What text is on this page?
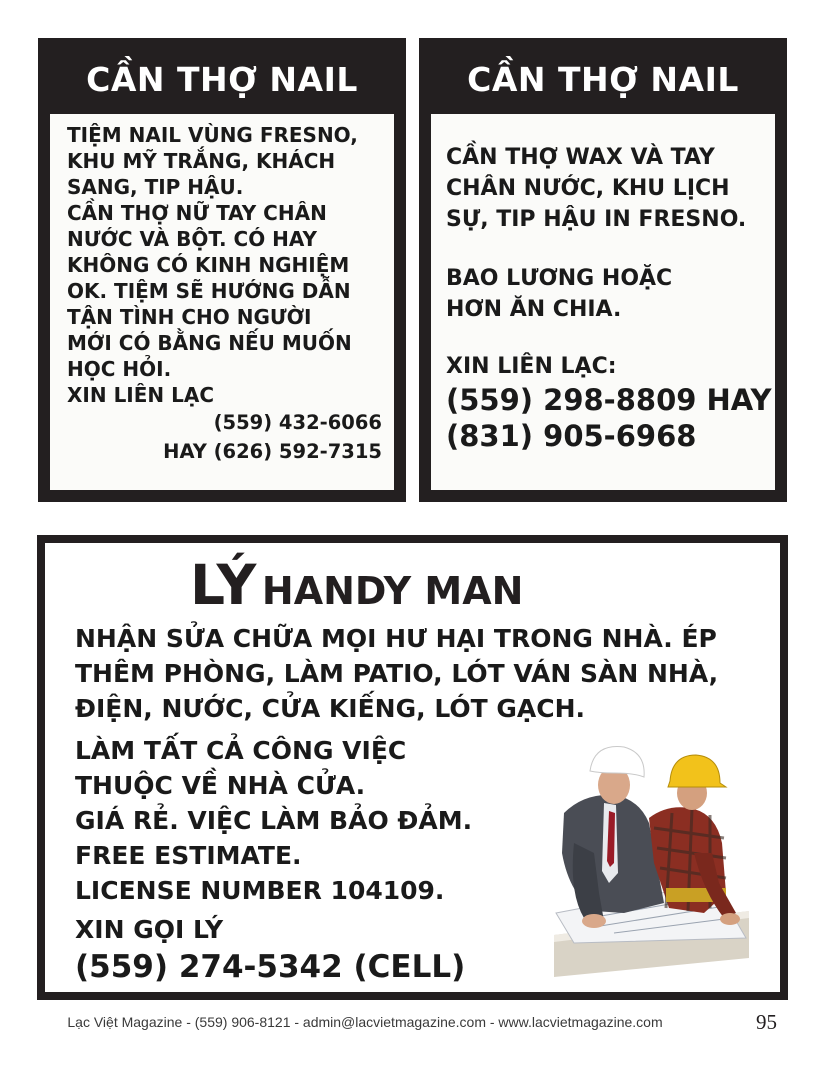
CẦN THỢ NAIL

TIỆM NAIL VÙNG FRESNO,
KHU MỸ TRẮNG, KHÁCH
SANG, TIP HẬU.
CẦN THỢ NỮ TAY CHÂN
NƯỚC VÀ BỘT. CÓ HAY
KHÔNG CÓ KINH NGHIỆM
OK. TIỆM SẼ HƯỚNG DẪN
TẬN TÌNH CHO NGƯỜI
MỚI CÓ BẰNG NẾU MUỐN
HỌC HỎI.
XIN LIÊN LẠC
(559) 432-6066
HAY (626) 592-7315

CẦN THỢ NAIL

CẦN THỢ WAX VÀ TAY
CHÂN NƯỚC, KHU LỊCH
SỰ, TIP HẬU IN FRESNO.
BAO LƯƠNG HOẶC
HƠN ĂN CHIA.
XIN LIÊN LẠC:
(559) 298-8809 HAY
(831) 905-6968

LÝ HANDY MAN
NHẬN SỬA CHỮA MỌI HƯ HẠI TRONG NHÀ. ÉP
THÊM PHÒNG, LÀM PATIO, LÓT VÁN SÀN NHÀ,
ĐIỆN, NƯỚC, CỬA KIẾNG, LÓT GẠCH.
LÀM TẤT CẢ CÔNG VIỆC
THUỘC VỀ NHÀ CỬA.
GIÁ RẺ. VIỆC LÀM BẢO ĐẢM.
FREE ESTIMATE.
LICENSE NUMBER 104109.
XIN GỌI LÝ
(559) 274-5342 (CELL)
Lạc Việt Magazine - (559) 906-8121 - admin@lacvietmagazine.com - www.lacvietmagazine.com	95
